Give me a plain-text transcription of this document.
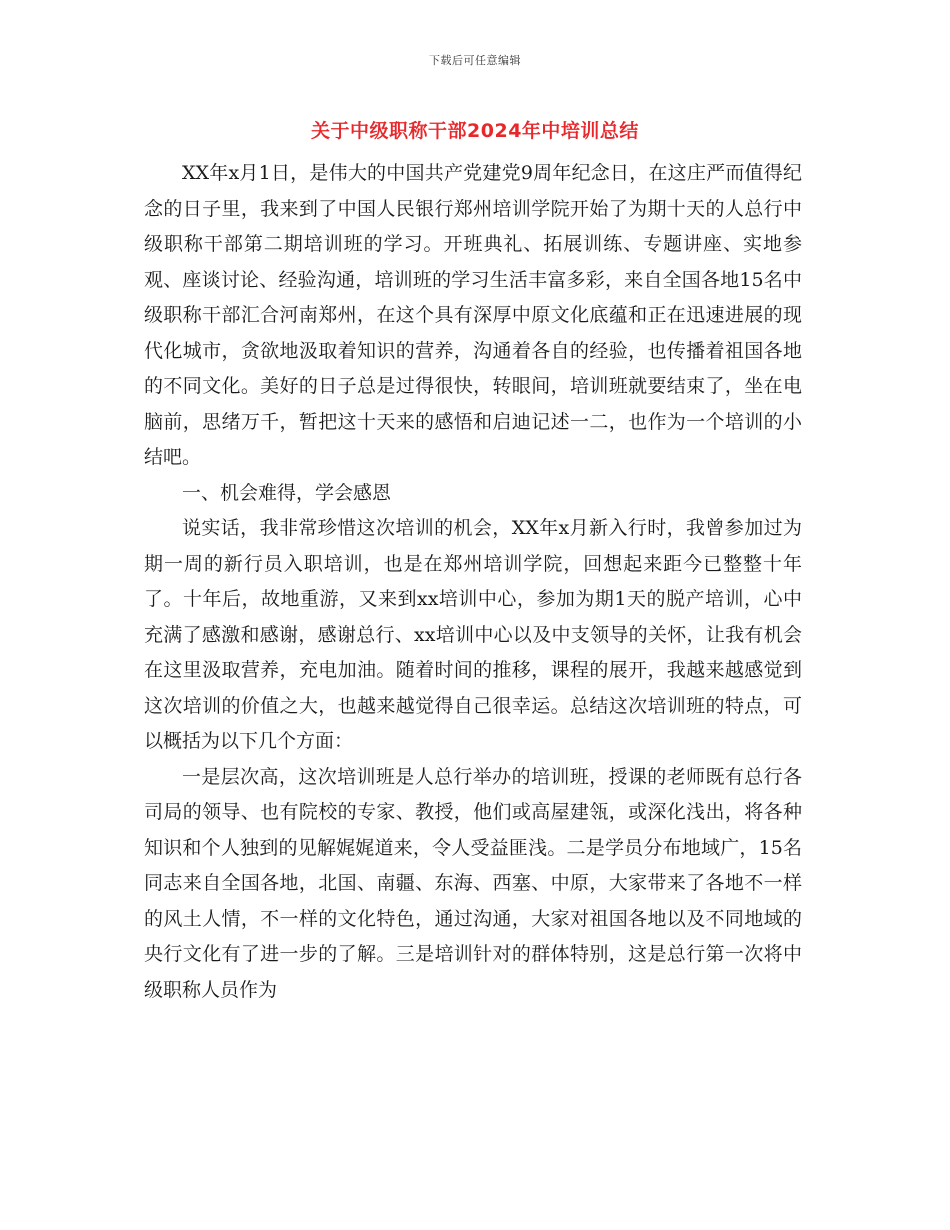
下载后可任意编辑
关于中级职称干部2024年中培训总结

XX年x月1日，是伟大的中国共产党建党9周年纪念日，在这庄严而值得纪念的日子里，我来到了中国人民银行郑州培训学院开始了为期十天的人总行中级职称干部第二期培训班的学习。开班典礼、拓展训练、专题讲座、实地参观、座谈讨论、经验沟通，培训班的学习生活丰富多彩，来自全国各地15名中级职称干部汇合河南郑州，在这个具有深厚中原文化底蕴和正在迅速进展的现代化城市，贪欲地汲取着知识的营养，沟通着各自的经验，也传播着祖国各地的不同文化。美好的日子总是过得很快，转眼间，培训班就要结束了，坐在电脑前，思绪万千，暂把这十天来的感悟和启迪记述一二，也作为一个培训的小结吧。

一、机会难得，学会感恩

说实话，我非常珍惜这次培训的机会，XX年x月新入行时，我曾参加过为期一周的新行员入职培训，也是在郑州培训学院，回想起来距今已整整十年了。十年后，故地重游，又来到xx培训中心，参加为期1天的脱产培训，心中充满了感激和感谢，感谢总行、xx培训中心以及中支领导的关怀，让我有机会在这里汲取营养，充电加油。随着时间的推移，课程的展开，我越来越感觉到这次培训的价值之大，也越来越觉得自己很幸运。总结这次培训班的特点，可以概括为以下几个方面：

一是层次高，这次培训班是人总行举办的培训班，授课的老师既有总行各司局的领导、也有院校的专家、教授，他们或高屋建瓴，或深化浅出，将各种知识和个人独到的见解娓娓道来，令人受益匪浅。二是学员分布地域广，15名同志来自全国各地，北国、南疆、东海、西塞、中原，大家带来了各地不一样的风土人情，不一样的文化特色，通过沟通，大家对祖国各地以及不同地域的央行文化有了进一步的了解。三是培训针对的群体特别，这是总行第一次将中级职称人员作为
